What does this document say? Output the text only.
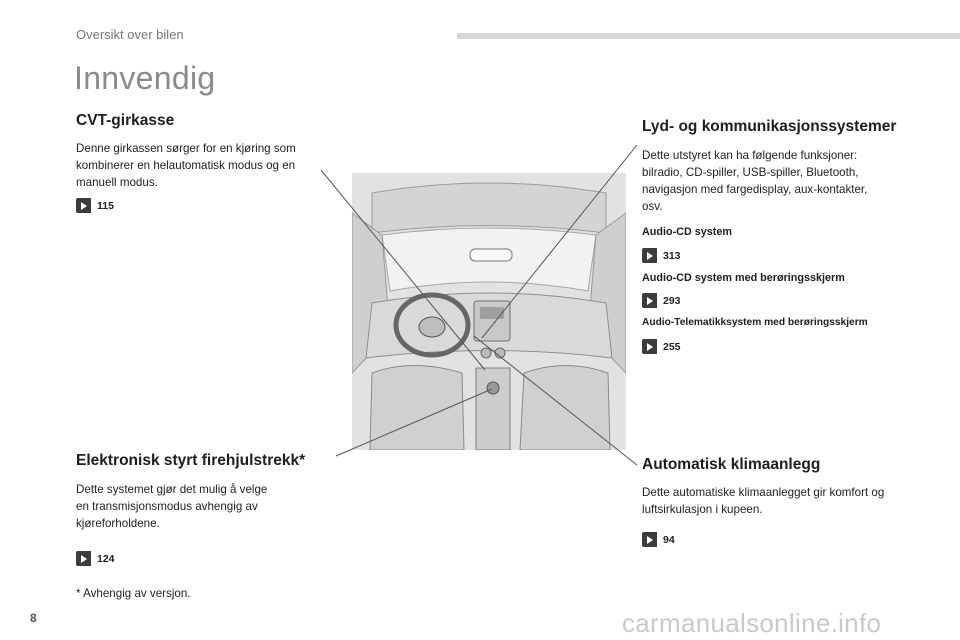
Oversikt over bilen
Innvendig
CVT-girkasse

Denne girkassen sørger for en kjøring som

kombinerer en helautomatisk modus og en

manuell modus.

115
Elektronisk styrt firehjulstrekk*

Dette systemet gjør det mulig å velge

en transmisjonsmodus avhengig av

kjøreforholdene.

124
Lyd- og kommunikasjonssystemer

Dette utstyret kan ha følgende funksjoner:

bilradio, CD-spiller, USB-spiller, Bluetooth,

navigasjon med fargedisplay, aux-kontakter,

osv.

Audio-CD system
313
Audio-CD system med berøringsskjerm
293
Audio-Telematikksystem med berøringsskjerm
255
Automatisk klimaanlegg

Dette automatiske klimaanlegget gir komfort og

luftsirkulasjon i kupeen.

94
* Avhengig av versjon.
8	carmanualsonline.info
